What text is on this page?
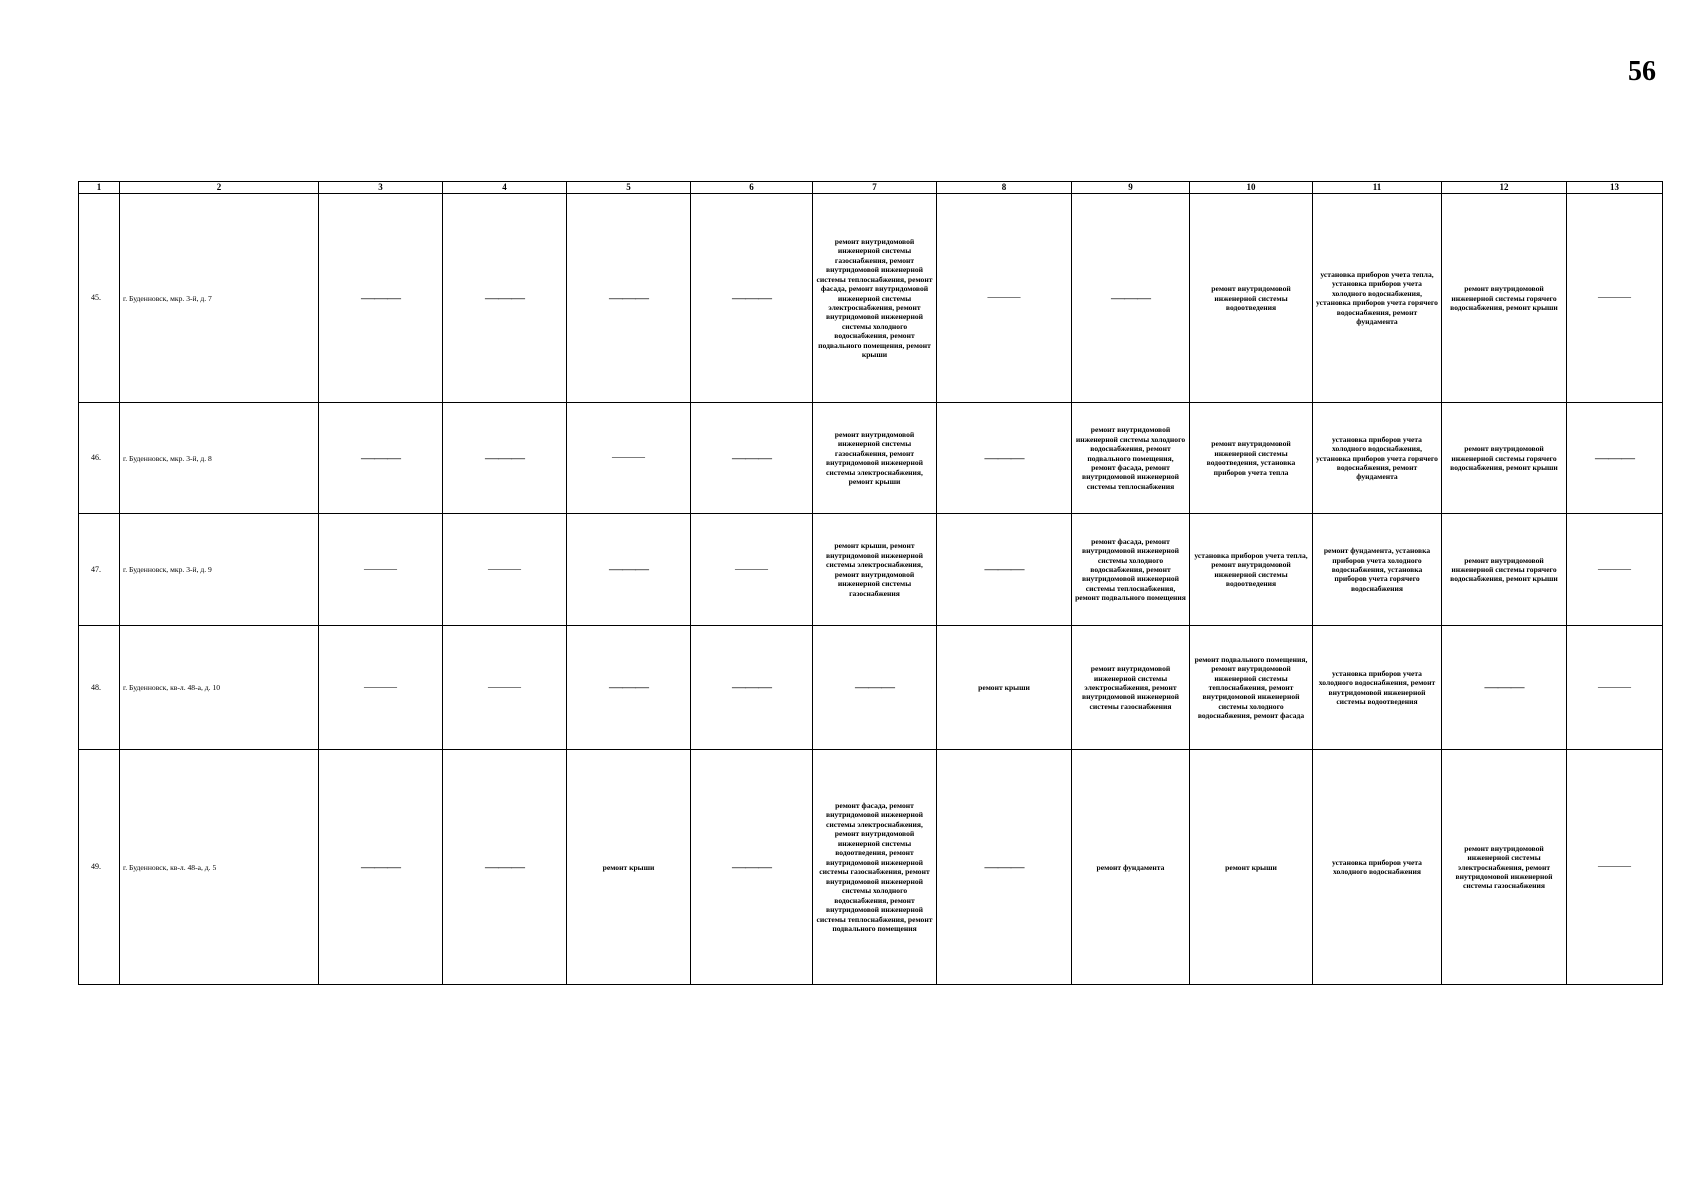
56
1	2	3	4	5	6	7	8	9	10	11	12	13
45.	г. Буденновск, мкр. 3-й, д. 7	———	———	———	———	ремонт внутридомовой инженерной системы газоснабжения, ремонт внутридомовой инженерной системы теплоснабжения, ремонт фасада, ремонт внутридомовой инженерной системы электроснабжения, ремонт внутридомовой инженерной системы холодного водоснабжения, ремонт подвального помещения, ремонт крыши	———	———	ремонт внутридомовой инженерной системы водоотведения	установка приборов учета тепла, установка приборов учета холодного водоснабжения, установка приборов учета горячего водоснабжения, ремонт фундамента	ремонт внутридомовой инженерной системы горячего водоснабжения, ремонт крыши	———
46.	г. Буденновск, мкр. 3-й, д. 8	———	———	———	———	ремонт внутридомовой инженерной системы газоснабжения, ремонт внутридомовой инженерной системы электроснабжения, ремонт крыши	———	ремонт внутридомовой инженерной системы холодного водоснабжения, ремонт подвального помещения, ремонт фасада, ремонт внутридомовой инженерной системы теплоснабжения	ремонт внутридомовой инженерной системы водоотведения, установка приборов учета тепла	установка приборов учета холодного водоснабжения, установка приборов учета горячего водоснабжения, ремонт фундамента	ремонт внутридомовой инженерной системы горячего водоснабжения, ремонт крыши	———
47.	г. Буденновск, мкр. 3-й, д. 9	———	———	———	———	ремонт крыши, ремонт внутридомовой инженерной системы электроснабжения, ремонт внутридомовой инженерной системы газоснабжения	———	ремонт фасада, ремонт внутридомовой инженерной системы холодного водоснабжения, ремонт внутридомовой инженерной системы теплоснабжения, ремонт подвального помещения	установка приборов учета тепла, ремонт внутридомовой инженерной системы водоотведения	ремонт фундамента, установка приборов учета холодного водоснабжения, установка приборов учета горячего водоснабжения	ремонт внутридомовой инженерной системы горячего водоснабжения, ремонт крыши	———
48.	г. Буденновск, кв-л. 48-а, д. 10	———	———	———	———	———	ремонт крыши	ремонт внутридомовой инженерной системы электроснабжения, ремонт внутридомовой инженерной системы газоснабжения	ремонт подвального помещения, ремонт внутридомовой инженерной системы теплоснабжения, ремонт внутридомовой инженерной системы холодного водоснабжения, ремонт фасада	установка приборов учета холодного водоснабжения, ремонт внутридомовой инженерной системы водоотведения	———	———
49.	г. Буденновск, кв-л. 48-а, д. 5	———	———	ремонт крыши	———	ремонт фасада, ремонт внутридомовой инженерной системы электроснабжения, ремонт внутридомовой инженерной системы водоотведения, ремонт внутридомовой инженерной системы газоснабжения, ремонт внутридомовой инженерной системы холодного водоснабжения, ремонт внутридомовой инженерной системы теплоснабжения, ремонт подвального помещения	———	ремонт фундамента	ремонт крыши	установка приборов учета холодного водоснабжения	ремонт внутридомовой инженерной системы электроснабжения, ремонт внутридомовой инженерной системы газоснабжения	———
